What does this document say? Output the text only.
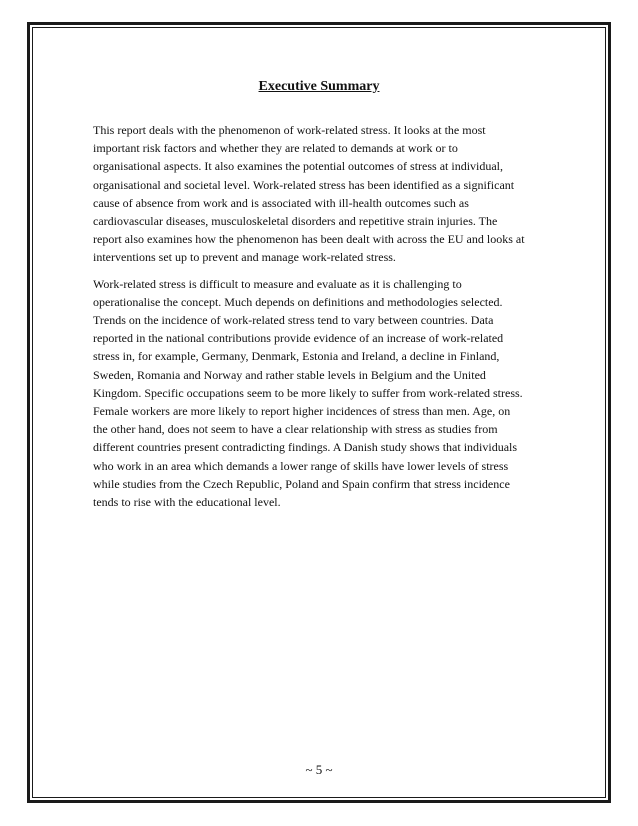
Executive Summary

This report deals with the phenomenon of work-related stress. It looks at the most
important risk factors and whether they are related to demands at work or to
organisational aspects. It also examines the potential outcomes of stress at individual,
organisational and societal level. Work-related stress has been identified as a significant
cause of absence from work and is associated with ill-health outcomes such as
cardiovascular diseases, musculoskeletal disorders and repetitive strain injuries. The
report also examines how the phenomenon has been dealt with across the EU and looks at
interventions set up to prevent and manage work-related stress.

Work-related stress is difficult to measure and evaluate as it is challenging to
operationalise the concept. Much depends on definitions and methodologies selected.
Trends on the incidence of work-related stress tend to vary between countries. Data
reported in the national contributions provide evidence of an increase of work-related
stress in, for example, Germany, Denmark, Estonia and Ireland, a decline in Finland,
Sweden, Romania and Norway and rather stable levels in Belgium and the United
Kingdom. Specific occupations seem to be more likely to suffer from work-related stress.
Female workers are more likely to report higher incidences of stress than men. Age, on
the other hand, does not seem to have a clear relationship with stress as studies from
different countries present contradicting findings. A Danish study shows that individuals
who work in an area which demands a lower range of skills have lower levels of stress
while studies from the Czech Republic, Poland and Spain confirm that stress incidence
tends to rise with the educational level.

~ 5 ~
